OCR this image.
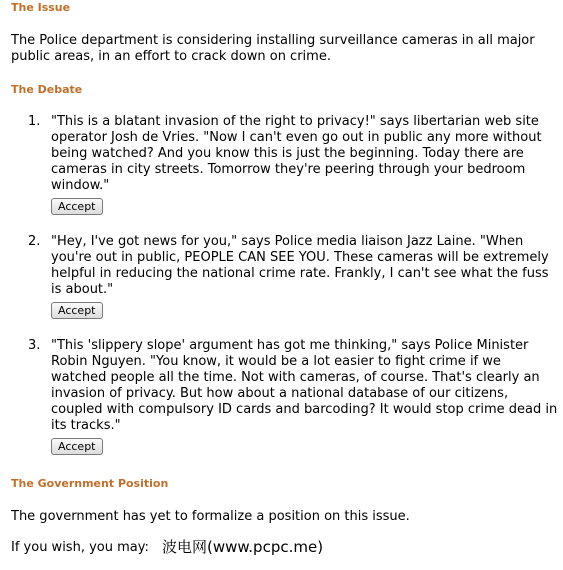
The Issue
The Police department is considering installing surveillance cameras in all major public areas, in an effort to crack down on crime.
The Debate
1. "This is a blatant invasion of the right to privacy!" says libertarian web site operator Josh de Vries. "Now I can't even go out in public any more without being watched? And you know this is just the beginning. Today there are cameras in city streets. Tomorrow they're peering through your bedroom window."
Accept
2. "Hey, I've got news for you," says Police media liaison Jazz Laine. "When you're out in public, PEOPLE CAN SEE YOU. These cameras will be extremely helpful in reducing the national crime rate. Frankly, I can't see what the fuss is about."
Accept
3. "This 'slippery slope' argument has got me thinking," says Police Minister Robin Nguyen. "You know, it would be a lot easier to fight crime if we watched people all the time. Not with cameras, of course. That's clearly an invasion of privacy. But how about a national database of our citizens, coupled with compulsory ID cards and barcoding? It would stop crime dead in its tracks."
Accept
The Government Position
The government has yet to formalize a position on this issue.
If you wish, you may: 波电网(www.pcpc.me)
